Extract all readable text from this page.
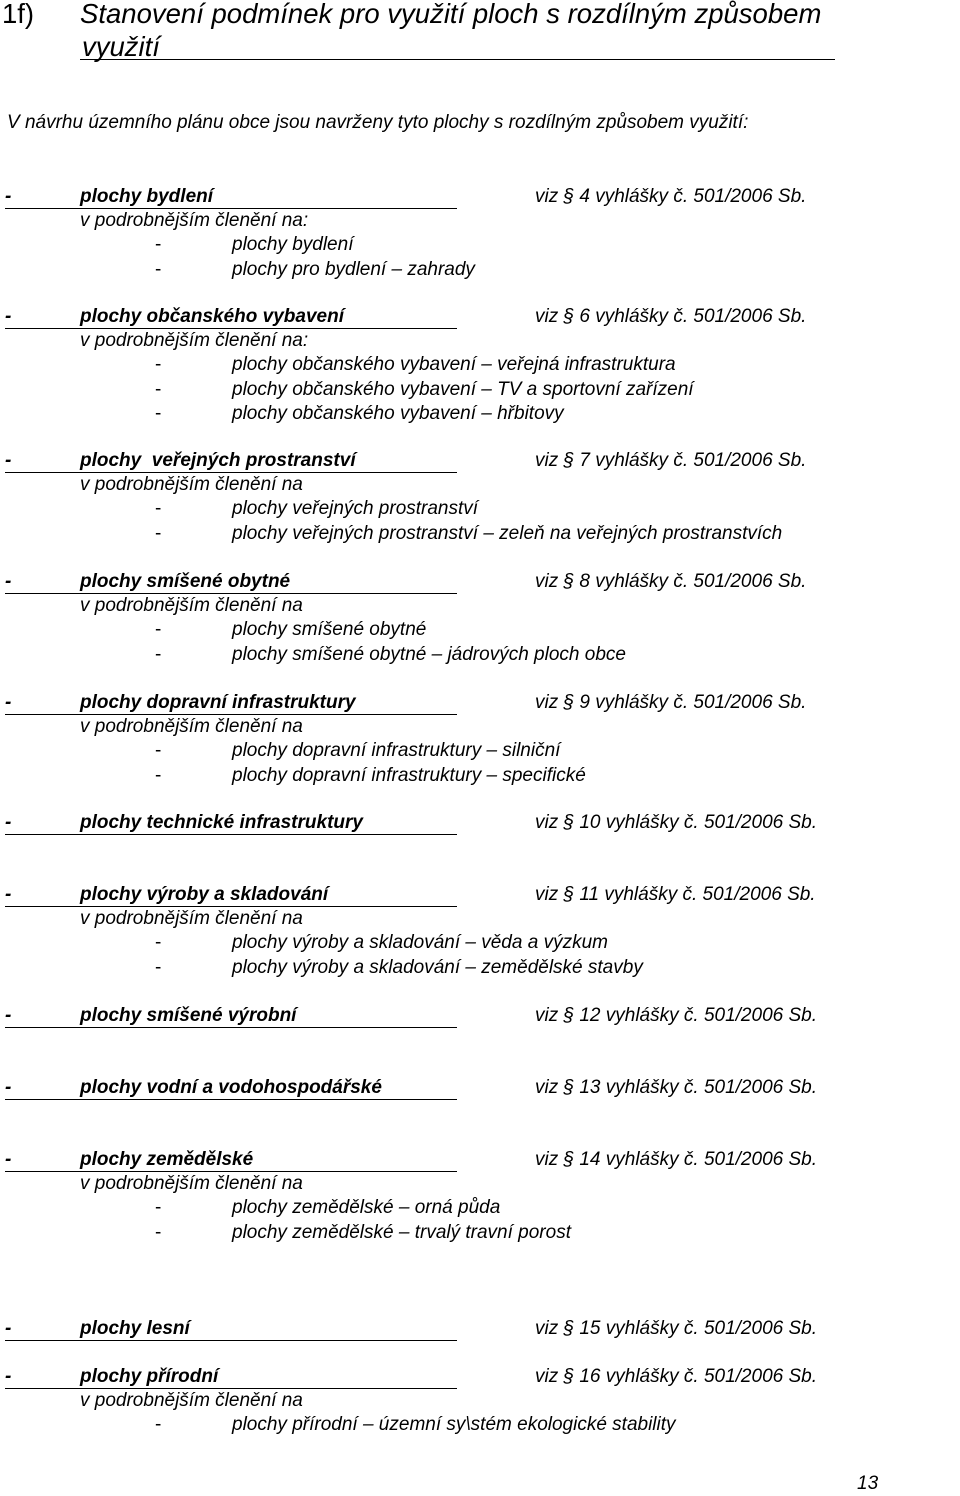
1f) Stanovení podmínek pro využití ploch s rozdílným způsobem
využití
V návrhu územního plánu obce jsou navrženy tyto plochy s rozdílným způsobem využití:
-	plochy bydlení	viz § 4 vyhlášky č. 501/2006 Sb.
v podrobnějším členění na:
-	plochy bydlení
-	plochy pro bydlení – zahrady
-	plochy občanského vybavení	viz § 6 vyhlášky č. 501/2006 Sb.
v podrobnějším členění na:
-	plochy občanského vybavení – veřejná infrastruktura
-	plochy občanského vybavení – TV a sportovní zařízení
-	plochy občanského vybavení – hřbitovy
-	plochy  veřejných prostranství	viz § 7 vyhlášky č. 501/2006 Sb.
v podrobnějším členění na
-	plochy veřejných prostranství
-	plochy veřejných prostranství – zeleň na veřejných prostranstvích
-	plochy smíšené obytné	viz § 8 vyhlášky č. 501/2006 Sb.
v podrobnějším členění na
-	plochy smíšené obytné
-	plochy smíšené obytné – jádrových ploch obce
-	plochy dopravní infrastruktury	viz § 9 vyhlášky č. 501/2006 Sb.
v podrobnějším členění na
-	plochy dopravní infrastruktury – silniční
-	plochy dopravní infrastruktury – specifické
-	plochy technické infrastruktury	viz § 10 vyhlášky č. 501/2006 Sb.
-	plochy výroby a skladování	viz § 11 vyhlášky č. 501/2006 Sb.
v podrobnějším členění na
-	plochy výroby a skladování – věda a výzkum
-	plochy výroby a skladování – zemědělské stavby
-	plochy smíšené výrobní	viz § 12 vyhlášky č. 501/2006 Sb.
-	plochy vodní a vodohospodářské	viz § 13 vyhlášky č. 501/2006 Sb.
-	plochy zemědělské	viz § 14 vyhlášky č. 501/2006 Sb.
v podrobnějším členění na
-	plochy zemědělské – orná půda
-	plochy zemědělské – trvalý travní porost
-	plochy lesní	viz § 15 vyhlášky č. 501/2006 Sb.
-	plochy přírodní	viz § 16 vyhlášky č. 501/2006 Sb.
v podrobnějším členění na
-	plochy přírodní – územní sy\stém ekologické stability
13
